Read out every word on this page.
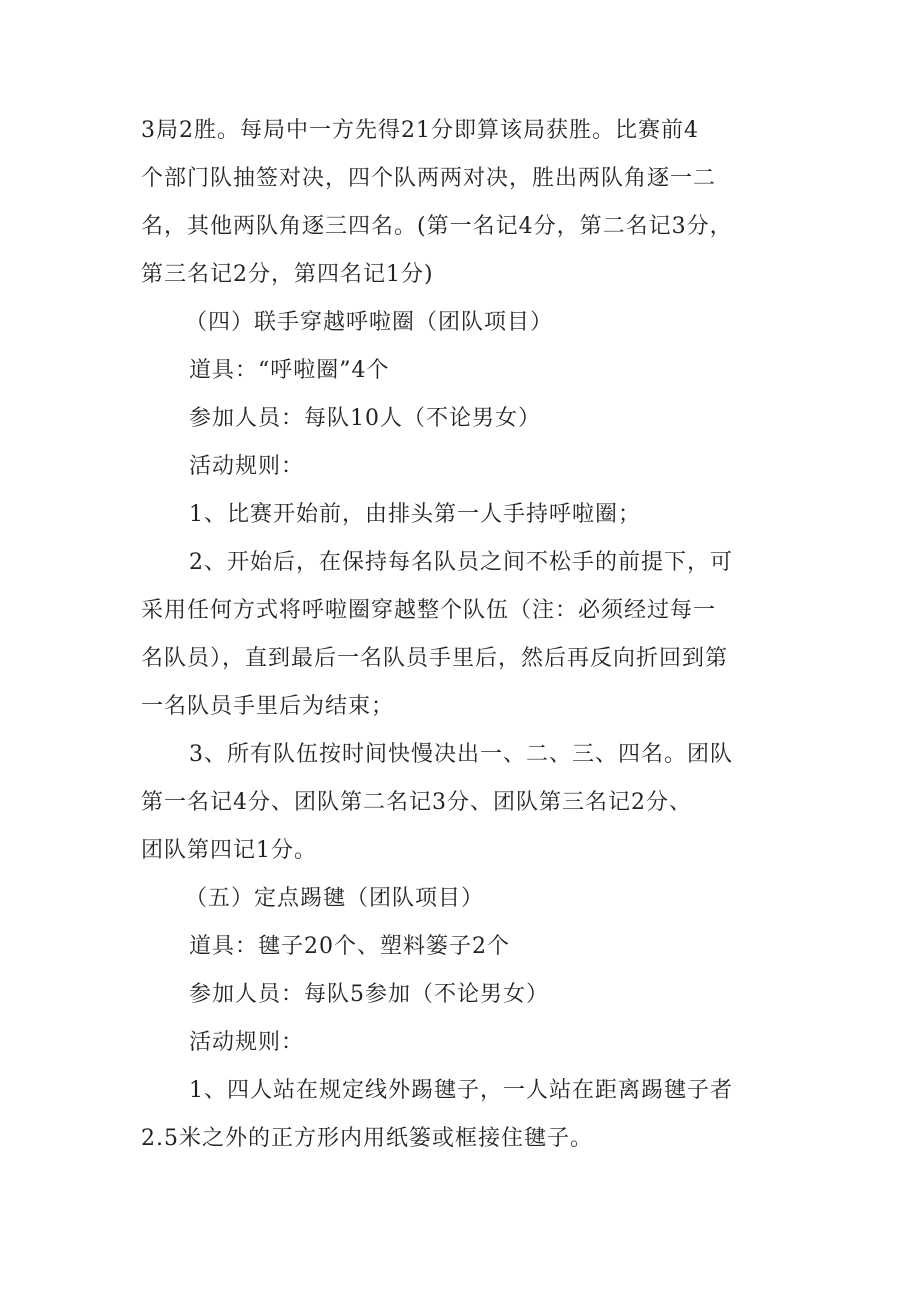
3局2胜。每局中一方先得21分即算该局获胜。比赛前4
个部门队抽签对决，四个队两两对决，胜出两队角逐一二
名，其他两队角逐三四名。(第一名记4分，第二名记3分，
第三名记2分，第四名记1分)
（四）联手穿越呼啦圈（团队项目）
道具：“呼啦圈”4个
参加人员：每队10人（不论男女）
活动规则：
1、比赛开始前，由排头第一人手持呼啦圈；
2、开始后，在保持每名队员之间不松手的前提下，可
采用任何方式将呼啦圈穿越整个队伍（注：必须经过每一
名队员），直到最后一名队员手里后，然后再反向折回到第
一名队员手里后为结束；
3、所有队伍按时间快慢决出一、二、三、四名。团队
第一名记4分、团队第二名记3分、团队第三名记2分、
团队第四记1分。
（五）定点踢毽（团队项目）
道具：毽子20个、塑料篓子2个
参加人员：每队5参加（不论男女）
活动规则：
1、四人站在规定线外踢毽子，一人站在距离踢毽子者
2.5米之外的正方形内用纸篓或框接住毽子。
